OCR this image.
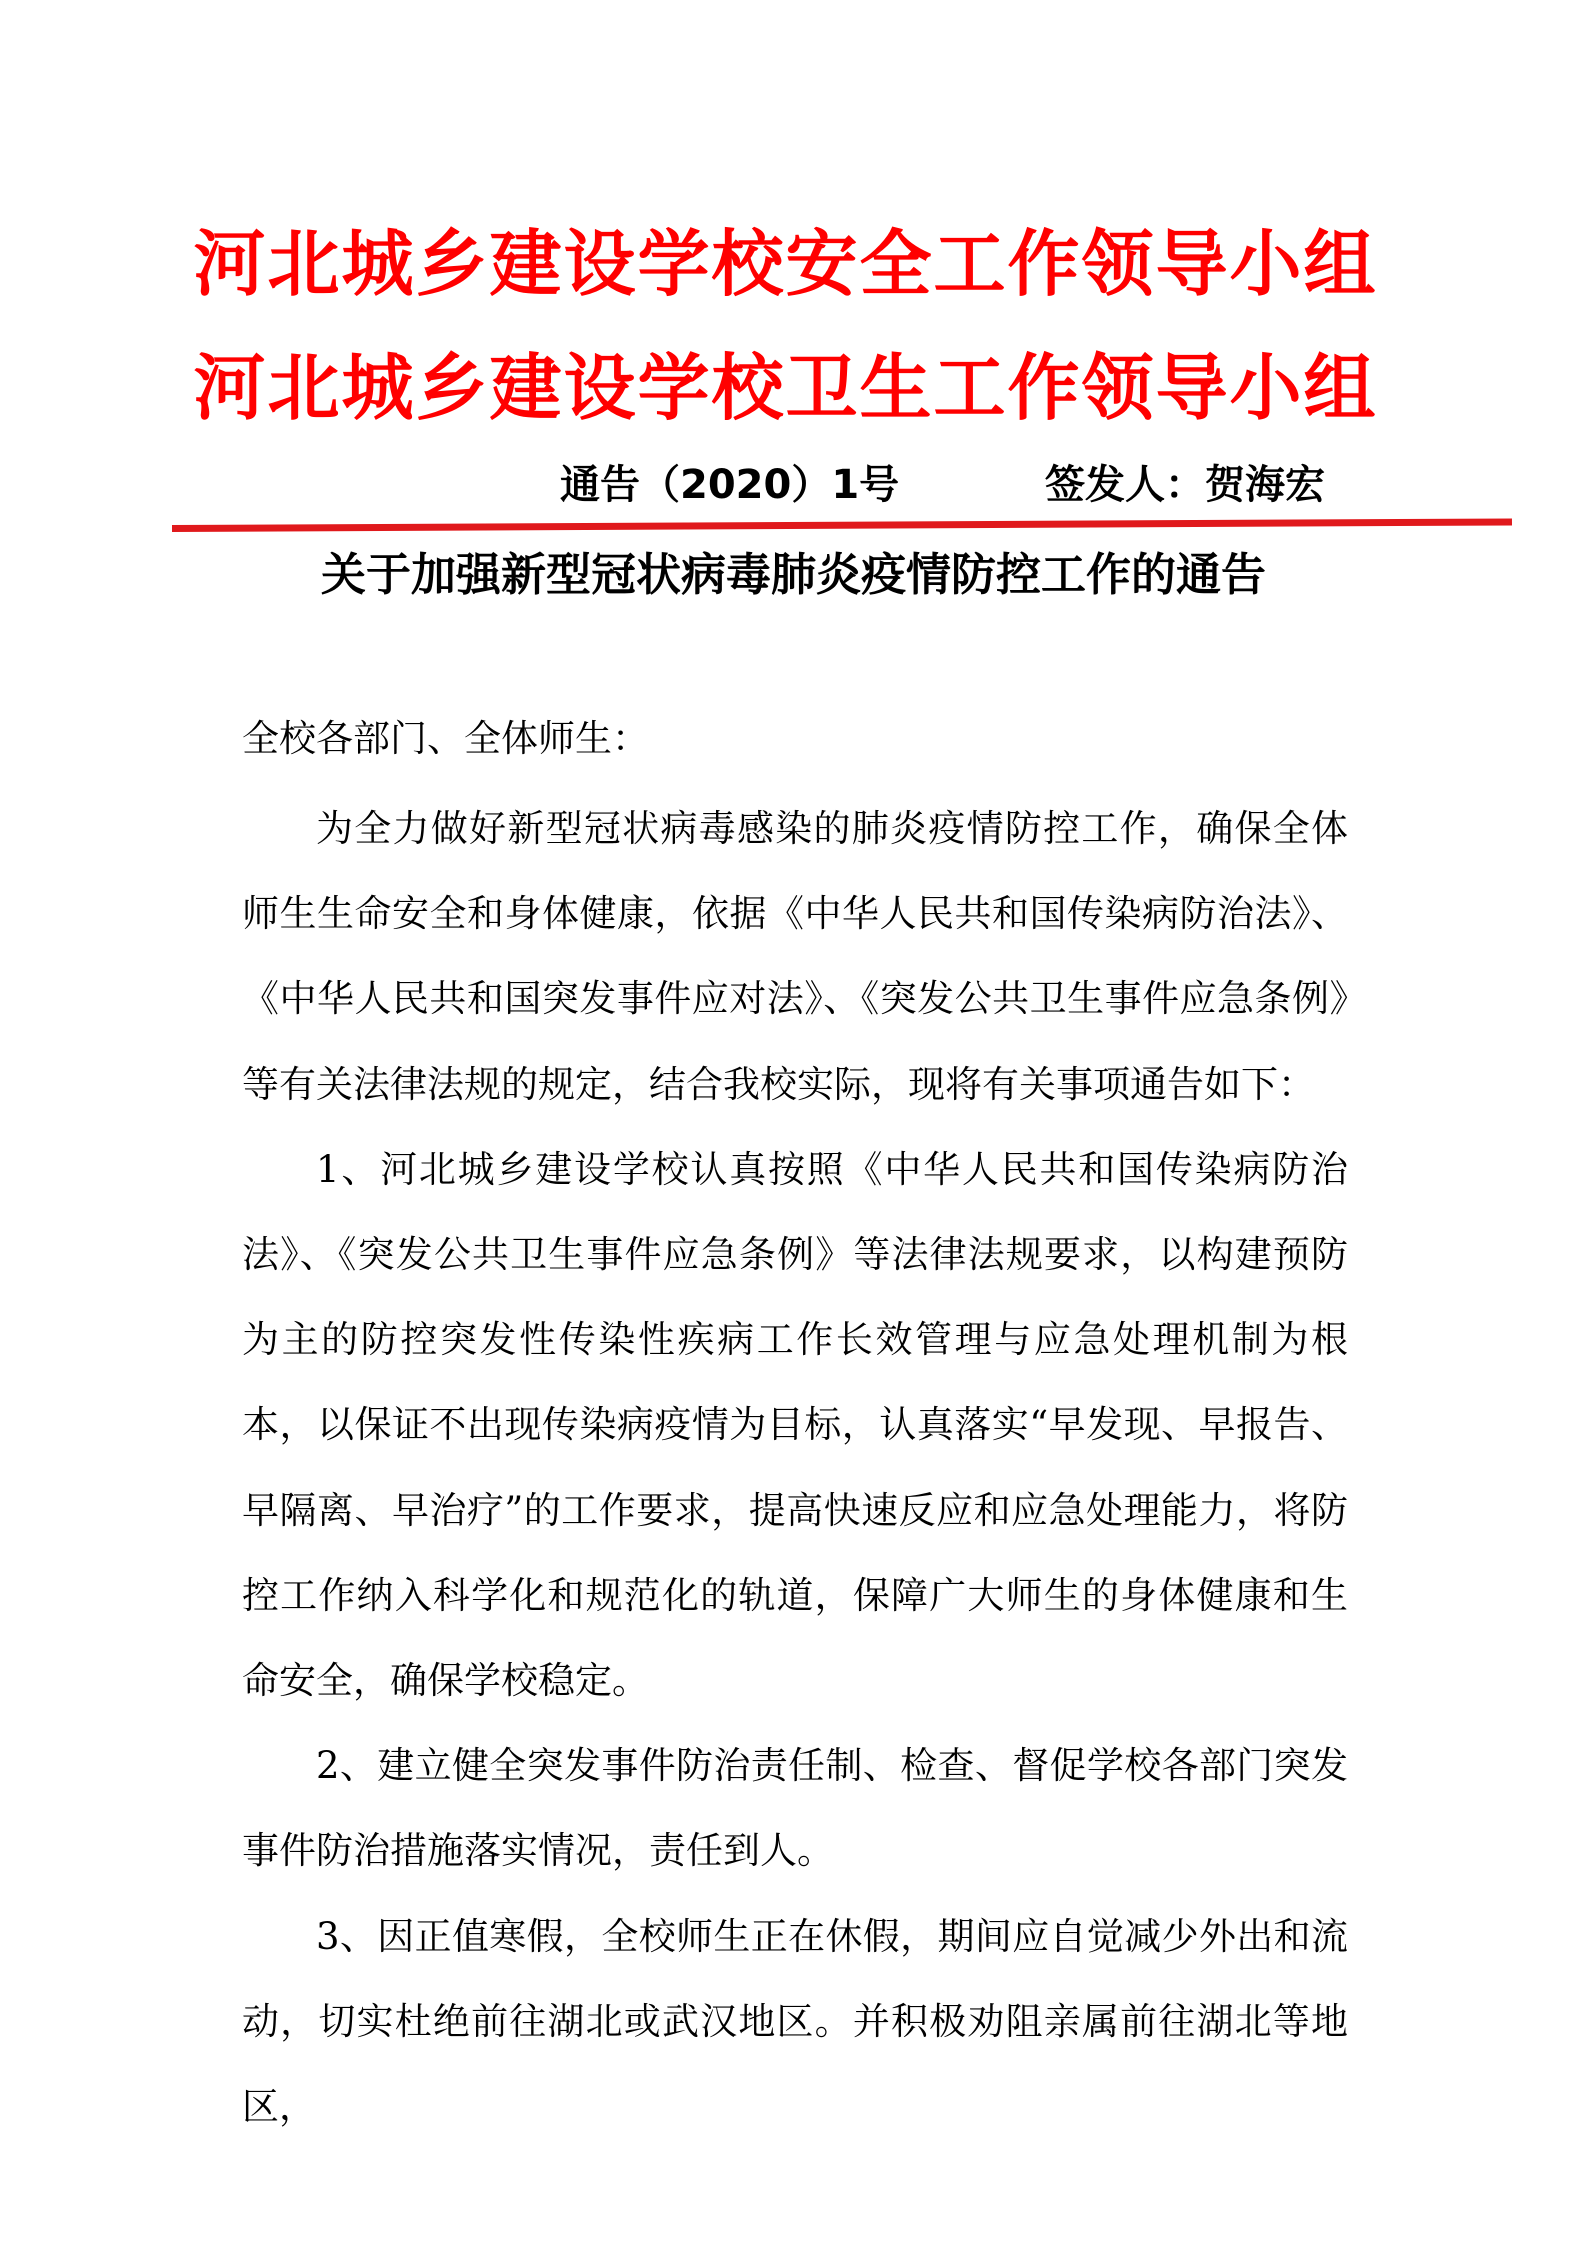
河北城乡建设学校安全工作领导小组
河北城乡建设学校卫生工作领导小组
通告（2020）1号	签发人：贺海宏
关于加强新型冠状病毒肺炎疫情防控工作的通告
全校各部门、全体师生：

为全力做好新型冠状病毒感染的肺炎疫情防控工作，确保全体师生生命安全和身体健康，依据《中华人民共和国传染病防治法》、《中华人民共和国突发事件应对法》、《突发公共卫生事件应急条例》等有关法律法规的规定，结合我校实际，现将有关事项通告如下：

1、河北城乡建设学校认真按照《中华人民共和国传染病防治法》、《突发公共卫生事件应急条例》等法律法规要求，以构建预防为主的防控突发性传染性疾病工作长效管理与应急处理机制为根本，以保证不出现传染病疫情为目标，认真落实“早发现、早报告、早隔离、早治疗”的工作要求，提高快速反应和应急处理能力，将防控工作纳入科学化和规范化的轨道，保障广大师生的身体健康和生命安全，确保学校稳定。

2、建立健全突发事件防治责任制、检查、督促学校各部门突发事件防治措施落实情况，责任到人。

3、因正值寒假，全校师生正在休假，期间应自觉减少外出和流动，切实杜绝前往湖北或武汉地区。并积极劝阻亲属前往湖北等地区，
